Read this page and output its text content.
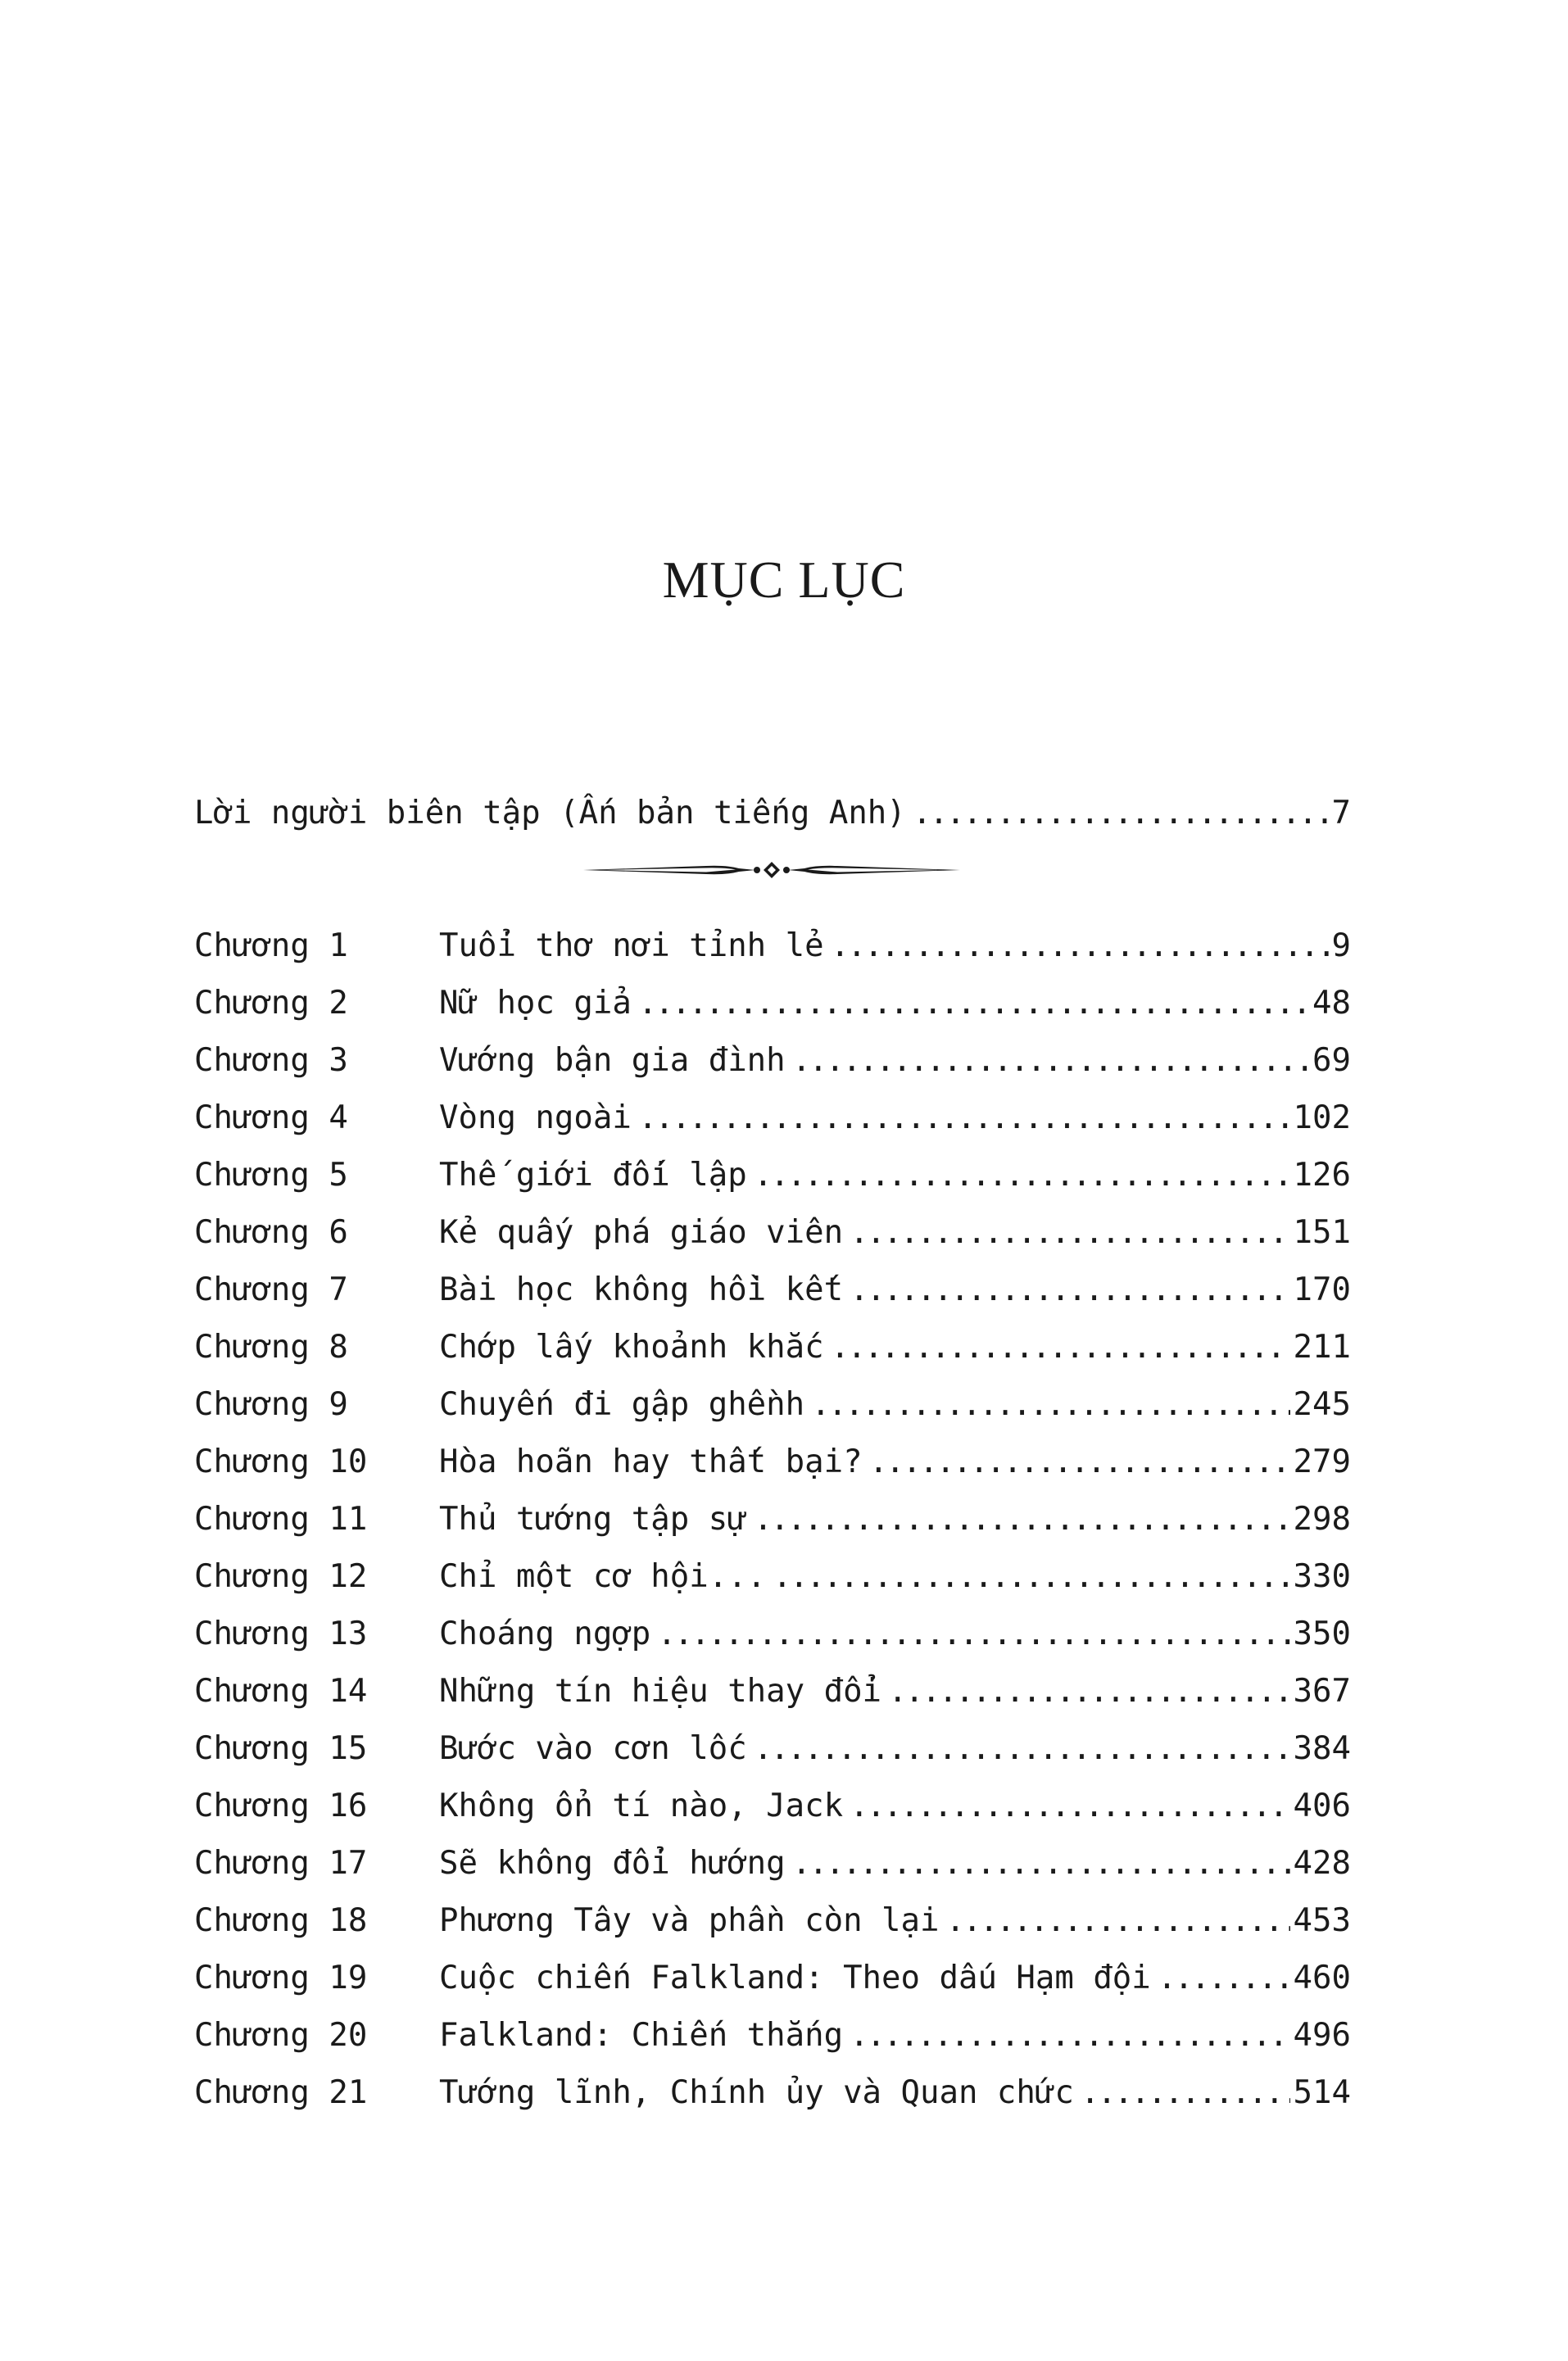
MỤC LỤC
Lời người biên tập (Ấn bản tiếng Anh) .....	7
Chương 1	Tuổi thơ nơi tỉnh lẻ .....	9
Chương 2	Nữ học giả .....	48
Chương 3	Vướng bận gia đình .....	69
Chương 4	Vòng ngoài .....	102
Chương 5	Thế giới đối lập .....	126
Chương 6	Kẻ quấy phá giáo viên .....	151
Chương 7	Bài học không hồi kết .....	170
Chương 8	Chớp lấy khoảnh khắc .....	211
Chương 9	Chuyến đi gập ghềnh .....	245
Chương 10	Hòa hoãn hay thất bại? .....	279
Chương 11	Thủ tướng tập sự .....	298
Chương 12	Chỉ một cơ hội... .....	330
Chương 13	Choáng ngợp .....	350
Chương 14	Những tín hiệu thay đổi .....	367
Chương 15	Bước vào cơn lốc .....	384
Chương 16	Không ổn tí nào, Jack .....	406
Chương 17	Sẽ không đổi hướng .....	428
Chương 18	Phương Tây và phần còn lại .....	453
Chương 19	Cuộc chiến Falkland: Theo dấu Hạm đội .....	460
Chương 20	Falkland: Chiến thắng .....	496
Chương 21	Tướng lĩnh, Chính ủy và Quan chức .....	514
